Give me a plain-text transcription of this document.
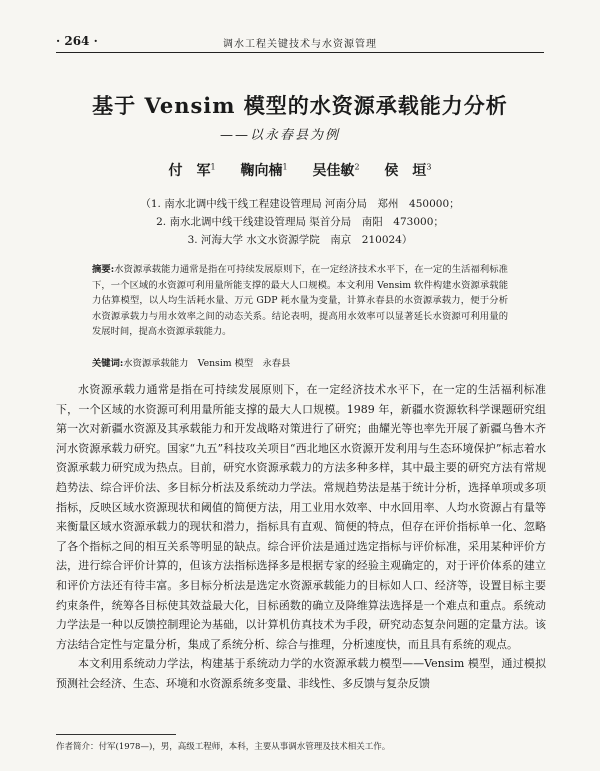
· 264 ·	调水工程关键技术与水资源管理
基于 Vensim 模型的水资源承载能力分析
——以永春县为例
付　军$^1$ 鞠向楠$^1$ 吴佳敏$^2$ 侯　垣$^3$
（1. 南水北调中线干线工程建设管理局 河南分局　郑州　450000；
2. 南水北调中线干线建设管理局 渠首分局　南阳　473000；
3. 河海大学 水文水资源学院　南京　210024）
摘要:水资源承载能力通常是指在可持续发展原则下，在一定经济技术水平下，在一定的生活福利标准下，一个区域的水资源可利用量所能支撑的最大人口规模。本文利用 Vensim 软件构建水资源承载能力估算模型，以人均生活耗水量、万元 GDP 耗水量为变量，计算永春县的水资源承载力，便于分析水资源承载力与用水效率之间的动态关系。结论表明，提高用水效率可以显著延长水资源可利用量的发展时间，提高水资源承载能力。
关键词:水资源承载能力　Vensim 模型　永春县

水资源承载力通常是指在可持续发展原则下，在一定经济技术水平下，在一定的生活福利标准下，一个区域的水资源可利用量所能支撑的最大人口规模。1989 年，新疆水资源软科学课题研究组第一次对新疆水资源及其承载能力和开发战略对策进行了研究；曲耀光等也率先开展了新疆乌鲁木齐河水资源承载力研究。国家“九五”科技攻关项目“西北地区水资源开发利用与生态环境保护”标志着水资源承载力研究成为热点。目前，研究水资源承载力的方法多种多样，其中最主要的研究方法有常规趋势法、综合评价法、多目标分析法及系统动力学法。常规趋势法是基于统计分析，选择单项或多项指标，反映区域水资源现状和阈值的简便方法，用工业用水效率、中水回用率、人均水资源占有量等来衡量区域水资源承载力的现状和潜力，指标具有直观、简便的特点，但存在评价指标单一化、忽略了各个指标之间的相互关系等明显的缺点。综合评价法是通过选定指标与评价标准，采用某种评价方法，进行综合评价计算的，但该方法指标选择多是根据专家的经验主观确定的，对于评价体系的建立和评价方法还有待丰富。多目标分析法是选定水资源承载能力的目标如人口、经济等，设置目标主要约束条件，统筹各目标使其效益最大化，目标函数的确立及降维算法选择是一个难点和重点。系统动力学法是一种以反馈控制理论为基础，以计算机仿真技术为手段，研究动态复杂问题的定量方法。该方法结合定性与定量分析，集成了系统分析、综合与推理，分析速度快，而且具有系统的观点。

本文利用系统动力学法，构建基于系统动力学的水资源承载力模型——Vensim 模型，通过模拟预测社会经济、生态、环境和水资源系统多变量、非线性、多反馈与复杂反馈

作者简介：付军(1978—)，男，高级工程师，本科，主要从事调水管理及技术相关工作。
